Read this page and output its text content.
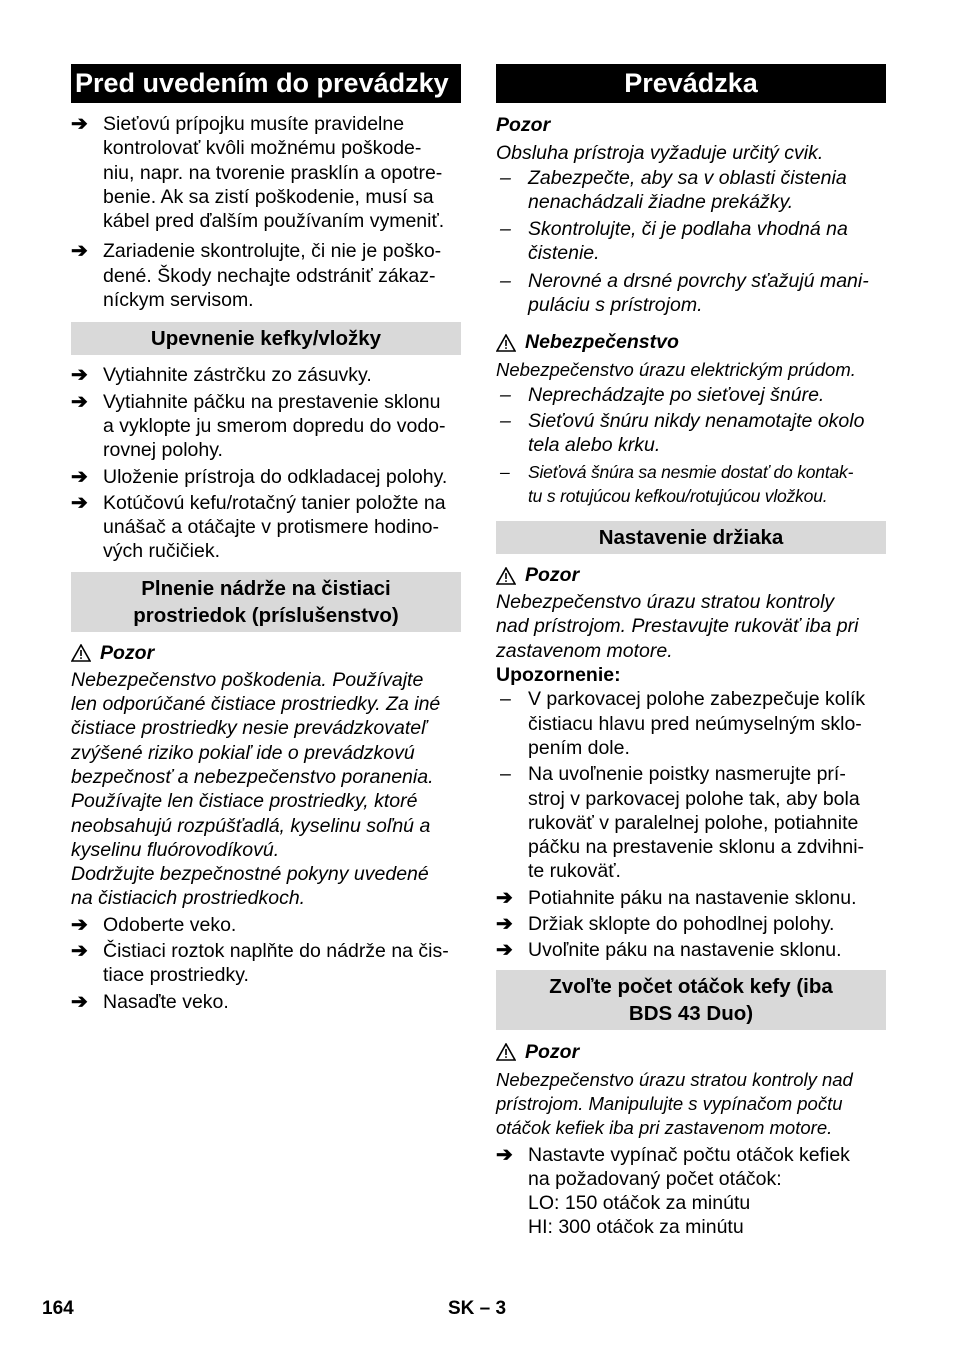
Pred uvedením do prevádzky
➔ Sieťovú prípojku musíte pravidelne
kontrolovať kvôli možnému poškode-
niu, napr. na tvorenie prasklín a opotre-
benie. Ak sa zistí poškodenie, musí sa
kábel pred ďalším používaním vymeniť.
➔ Zariadenie skontrolujte, či nie je poško-
dené. Škody nechajte odstrániť zákaz-
níckym servisom.
Upevnenie kefky/vložky
➔ Vytiahnite zástrčku zo zásuvky.
➔ Vytiahnite páčku na prestavenie sklonu
a vyklopte ju smerom dopredu do vodo-
rovnej polohy.
➔ Uloženie prístroja do odkladacej polohy.
➔ Kotúčovú kefu/rotačný tanier položte na
unášač a otáčajte v protismere hodino-
vých ručičiek.
Plnenie nádrže na čistiaci
prostriedok (príslušenstvo)
Pozor
Nebezpečenstvo poškodenia. Používajte
len odporúčané čistiace prostriedky. Za iné
čistiace prostriedky nesie prevádzkovateľ
zvýšené riziko pokiaľ ide o prevádzkovú
bezpečnosť a nebezpečenstvo poranenia.
Používajte len čistiace prostriedky, ktoré
neobsahujú rozpúšťadlá, kyselinu soľnú a
kyselinu fluórovodíkovú.
Dodržujte bezpečnostné pokyny uvedené
na čistiacich prostriedkoch.
➔ Odoberte veko.
➔ Čistiaci roztok naplňte do nádrže na čis-
tiace prostriedky.
➔ Nasaďte veko.
Prevádzka
Pozor
Obsluha prístroja vyžaduje určitý cvik.
– Zabezpečte, aby sa v oblasti čistenia
nenachádzali žiadne prekážky.
– Skontrolujte, či je podlaha vhodná na
čistenie.
– Nerovné a drsné povrchy sťažujú mani-
puláciu s prístrojom.
Nebezpečenstvo
Nebezpečenstvo úrazu elektrickým prúdom.
– Neprechádzajte po sieťovej šnúre.
– Sieťovú šnúru nikdy nenamotajte okolo
tela alebo krku.
–	Sieťová šnúra sa nesmie dostať do kontak-
tu s rotujúcou kefkou/rotujúcou vložkou.
Nastavenie držiaka
Pozor
Nebezpečenstvo úrazu stratou kontroly
nad prístrojom. Prestavujte rukoväť iba pri
zastavenom motore.
Upozornenie:
– V parkovacej polohe zabezpečuje kolík
čistiacu hlavu pred neúmyselným sklo-
pením dole.
– Na uvoľnenie poistky nasmerujte prí-
stroj v parkovacej polohe tak, aby bola
rukoväť v paralelnej polohe, potiahnite
páčku na prestavenie sklonu a zdvihni-
te rukoväť.
➔ Potiahnite páku na nastavenie sklonu.
➔ Držiak sklopte do pohodlnej polohy.
➔ Uvoľnite páku na nastavenie sklonu.
Zvoľte počet otáčok kefy (iba
BDS 43 Duo)
Pozor
Nebezpečenstvo úrazu stratou kontroly nad
prístrojom. Manipulujte s vypínačom počtu
otáčok kefiek iba pri zastavenom motore.
➔ Nastavte vypínač počtu otáčok kefiek
na požadovaný počet otáčok:
LO: 150 otáčok za minútu
HI: 300 otáčok za minútu
164	SK – 3
